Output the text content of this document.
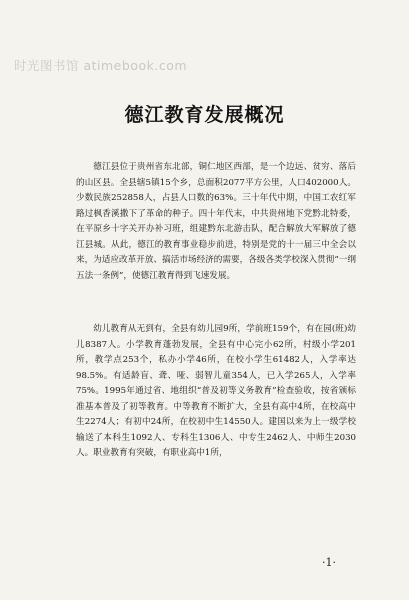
时光图书馆 atimebook.com
德江教育发展概况

德江县位于贵州省东北部，铜仁地区西部，是一个边远、贫穷、落后的山区县。全县辖5镇15个乡，总面积2077平方公里，人口402000人。少数民族252858人，占县人口数的63%。三十年代中期，中国工农红军路过枫香溪撒下了革命的种子。四十年代末，中共贵州地下党黔北特委，在平原乡十字关开办补习班，组建黔东北游击队，配合解放大军解放了德江县城。从此，德江的教育事业稳步前进，特别是党的十一届三中全会以来，为适应改革开放、搞活市场经济的需要，各级各类学校深入贯彻“一纲五法一条例”，使德江教育得到飞速发展。

幼儿教育从无到有，全县有幼儿园9所，学前班159个，有在园(班)幼儿8387人。小学教育蓬勃发展，全县有中心完小62所，村级小学201所，教学点253个，私办小学46所，在校小学生61482人，入学率达98.5%。有适龄盲、聋、哑、弱智儿童354人，已入学265人，入学率75%。1995年通过省、地组织“普及初等义务教育”检查验收，按省颁标准基本普及了初等教育。中等教育不断扩大，全县有高中4所，在校高中生2274人；有初中24所，在校初中生14550人。建国以来为上一级学校输送了本科生1092人、专科生1306人、中专生2462人、中师生2030人。职业教育有突破，有职业高中1所，

·1·
